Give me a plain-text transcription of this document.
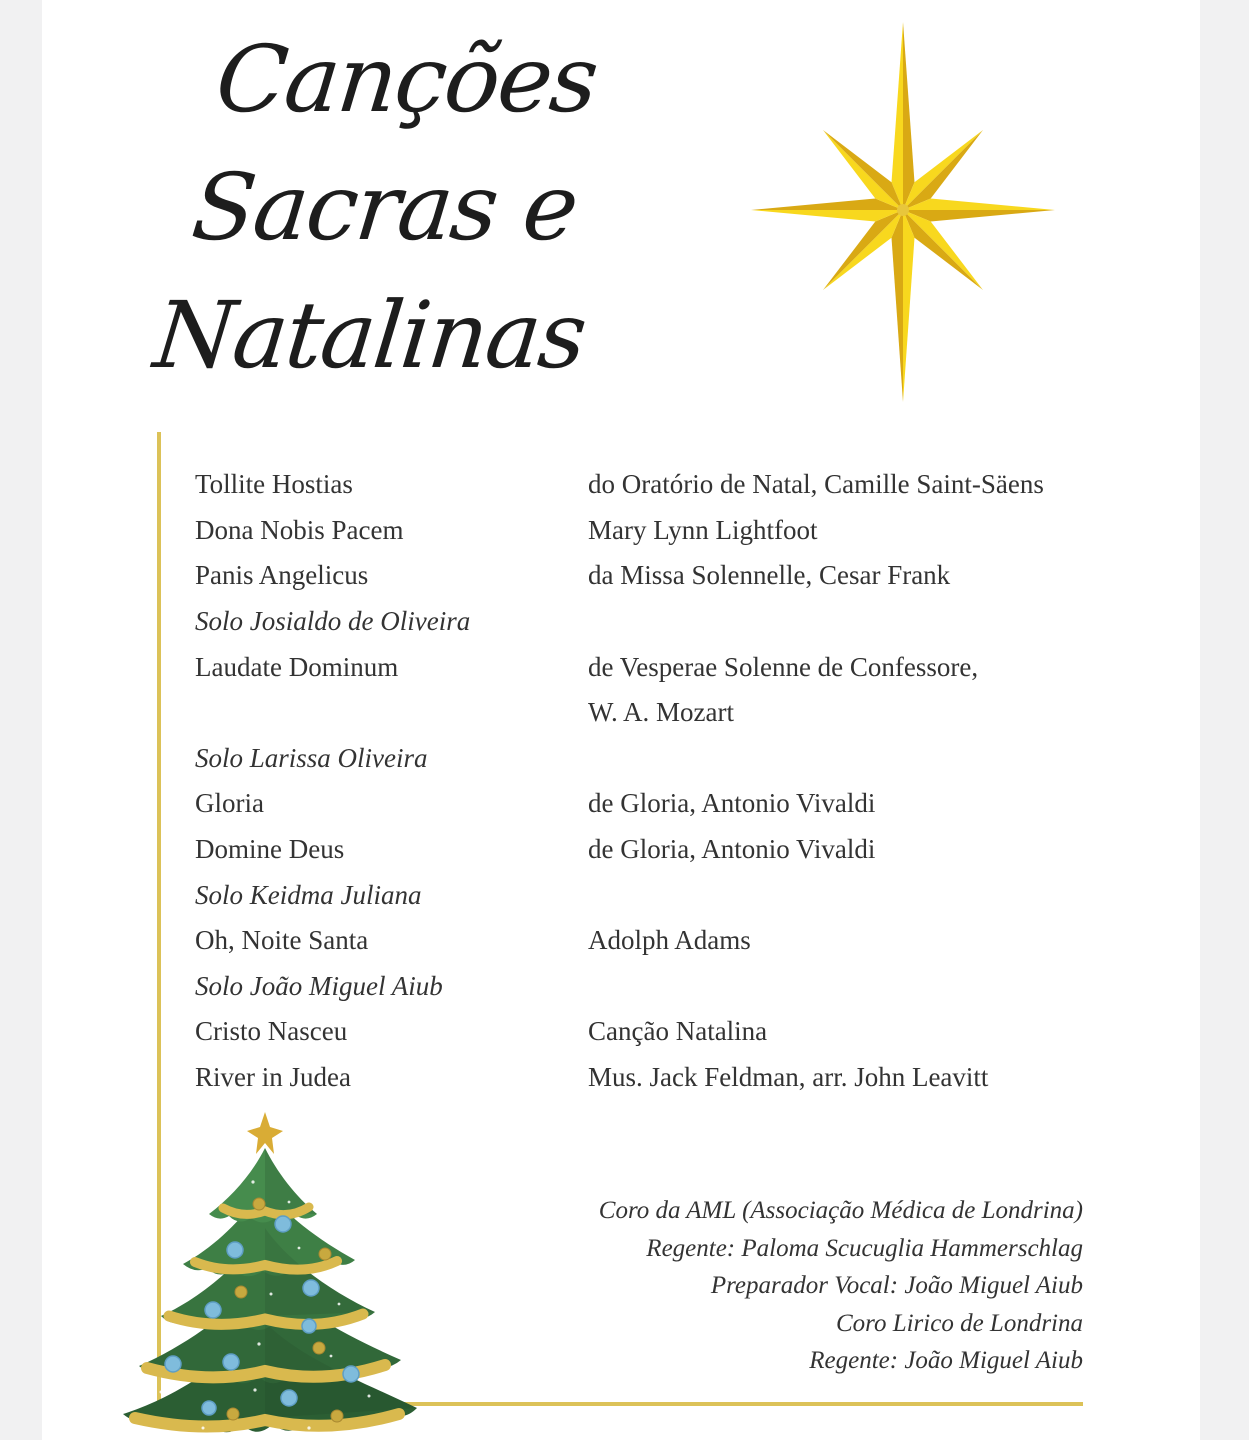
Canções
Sacras e
Natalinas
Tollite Hostias	do Oratório de Natal, Camille Saint-Säens
Dona Nobis Pacem	Mary Lynn Lightfoot
Panis Angelicus	da Missa Solennelle, Cesar Frank
Solo Josialdo de Oliveira
Laudate Dominum	de Vesperae Solenne de Confessore,
W. A. Mozart
Solo Larissa Oliveira
Gloria	de Gloria, Antonio Vivaldi
Domine Deus	de Gloria, Antonio Vivaldi
Solo Keidma Juliana
Oh, Noite Santa	Adolph Adams
Solo João Miguel Aiub
Cristo Nasceu	Canção Natalina
River in Judea	Mus. Jack Feldman, arr. John Leavitt
Coro da AML (Associação Médica de Londrina)
Regente: Paloma Scucuglia Hammerschlag
Preparador Vocal: João Miguel Aiub
Coro Lirico de Londrina
Regente: João Miguel Aiub
